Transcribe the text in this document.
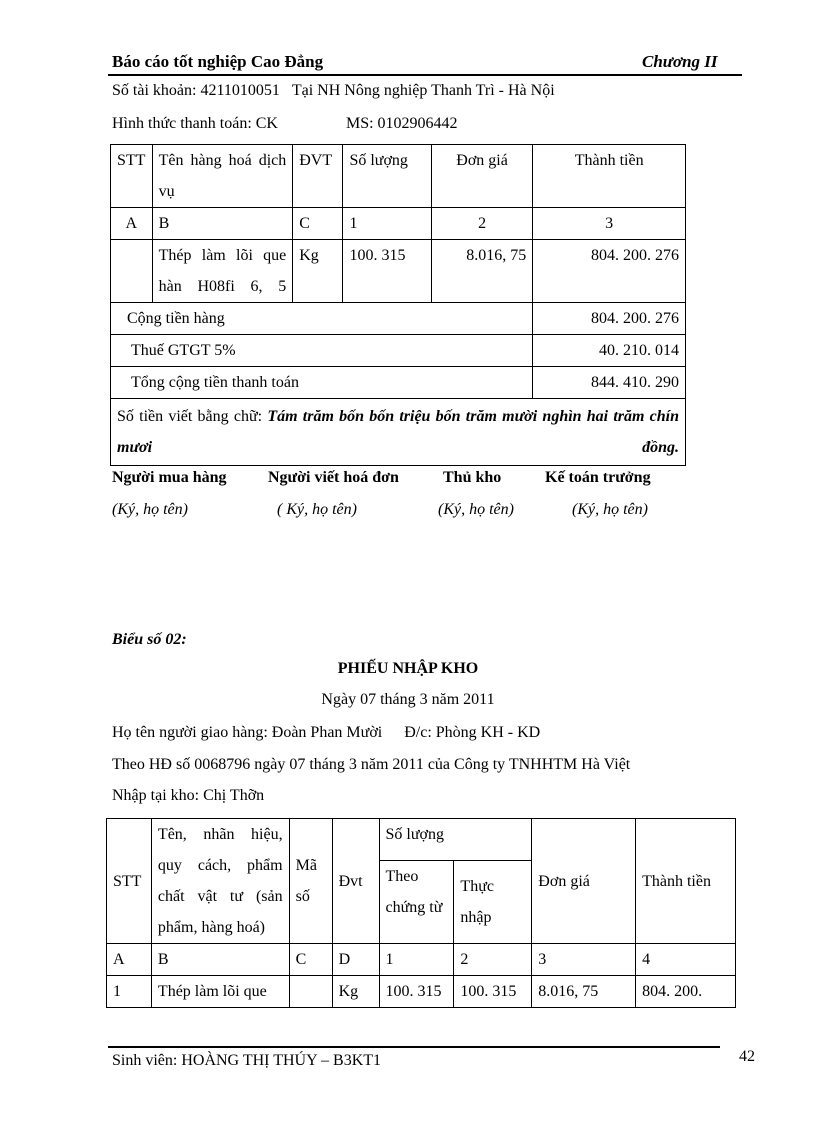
Báo cáo tốt nghiệp Cao Đẳng	Chương II
Số tài khoản: 4211010051 Tại NH Nông nghiệp Thanh Trì - Hà Nội
Hình thức thanh toán: CK	MS: 0102906442
STT	Tên hàng hoá dịch vụ	ĐVT	Số lượng	Đơn giá	Thành tiền
A	B	C	1	2	3
	Thép làm lõi que hàn H08fi 6, 5	Kg	100. 315	8.016, 75	804. 200. 276
Cộng tiền hàng					804. 200. 276
Thuế GTGT 5%					40. 210. 014
Tổng cộng tiền thanh toán					844. 410. 290
Số tiền viết bằng chữ: Tám trăm bốn bốn triệu bốn trăm mười nghìn hai trăm chín mươi đồng.					
Người mua hàng	Người viết hoá đơn	Thủ kho	Kế toán trưởng
(Ký, họ tên)	( Ký, họ tên)	(Ký, họ tên)	(Ký, họ tên)
Biểu số 02:
PHIẾU NHẬP KHO
Ngày 07 tháng 3 năm 2011
Họ tên người giao hàng: Đoàn Phan Mười Đ/c: Phòng KH - KD
Theo HĐ số 0068796 ngày 07 tháng 3 năm 2011 của Công ty TNHHTM Hà Việt
Nhập tại kho: Chị Thỡn
STT	Tên, nhãn hiệu, quy cách, phẩm chất vật tư (sản phẩm, hàng hoá)	Mã số	Đvt	Số lượng		Đơn giá	Thành tiền
				Theo chứng từ	Thực nhập		
A	B	C	D	1	2	3	4
1	Thép làm lõi que		Kg	100. 315	100. 315	8.016, 75	804. 200.
Sinh viên: HOÀNG THỊ THÚY – B3KT1	42
